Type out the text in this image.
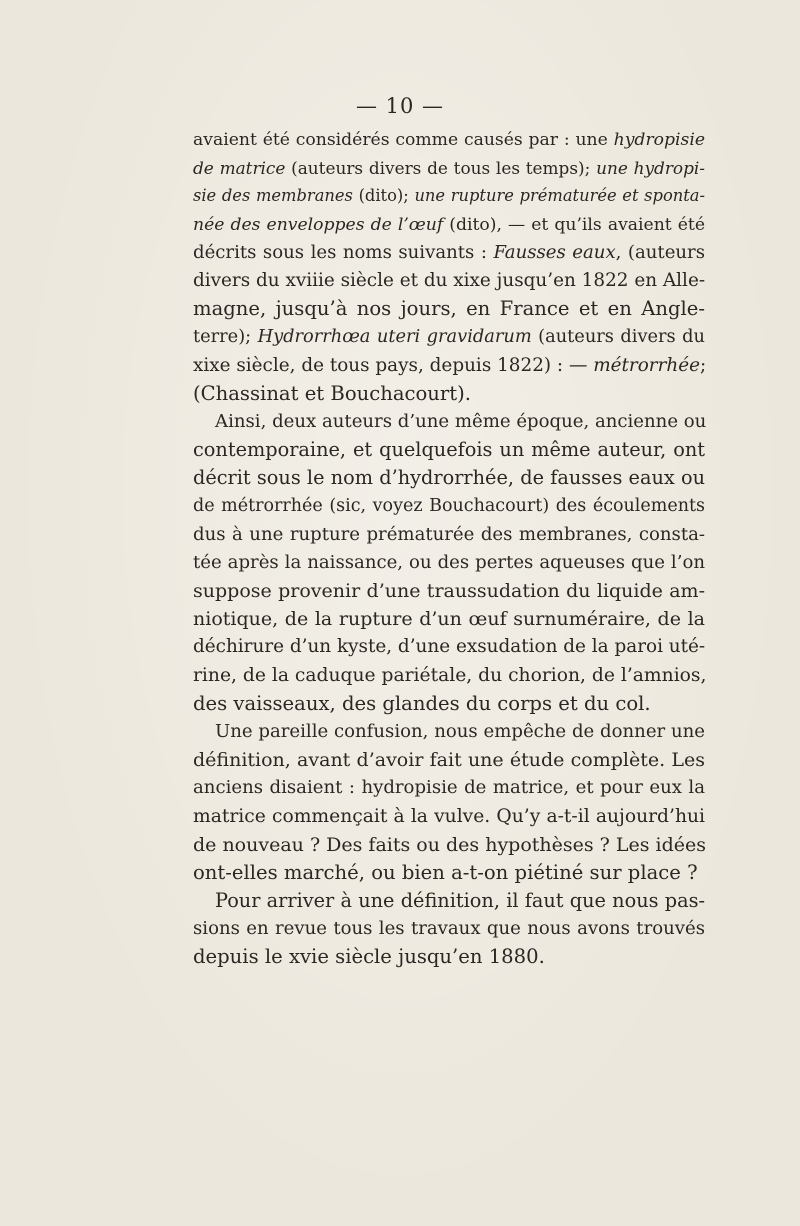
— 10 —
avaient été considérés comme causés par : une hydropisie
de matrice (auteurs divers de tous les temps); une hydropi-
sie des membranes (dito); une rupture prématurée et sponta-
née des enveloppes de l’œuf (dito), — et qu’ils avaient été
décrits sous les noms suivants : Fausses eaux, (auteurs
divers du xviiie siècle et du xixe jusqu’en 1822 en Alle-
magne, jusqu’à nos jours, en France et en Angle-
terre); Hydrorrhœa uteri gravidarum (auteurs divers du
xixe siècle, de tous pays, depuis 1822) : — métrorrhée;
(Chassinat et Bouchacourt).
Ainsi, deux auteurs d’une même époque, ancienne ou
contemporaine, et quelquefois un même auteur, ont
décrit sous le nom d’hydrorrhée, de fausses eaux ou
de métrorrhée (sic, voyez Bouchacourt) des écoulements
dus à une rupture prématurée des membranes, consta-
tée après la naissance, ou des pertes aqueuses que l’on
suppose provenir d’une traussudation du liquide am-
niotique, de la rupture d’un œuf surnuméraire, de la
déchirure d’un kyste, d’une exsudation de la paroi uté-
rine, de la caduque pariétale, du chorion, de l’amnios,
des vaisseaux, des glandes du corps et du col.
Une pareille confusion, nous empêche de donner une
définition, avant d’avoir fait une étude complète. Les
anciens disaient : hydropisie de matrice, et pour eux la
matrice commençait à la vulve. Qu’y a-t-il aujourd’hui
de nouveau ? Des faits ou des hypothèses ? Les idées
ont-elles marché, ou bien a-t-on piétiné sur place ?
Pour arriver à une définition, il faut que nous pas-
sions en revue tous les travaux que nous avons trouvés
depuis le xvie siècle jusqu’en 1880.
